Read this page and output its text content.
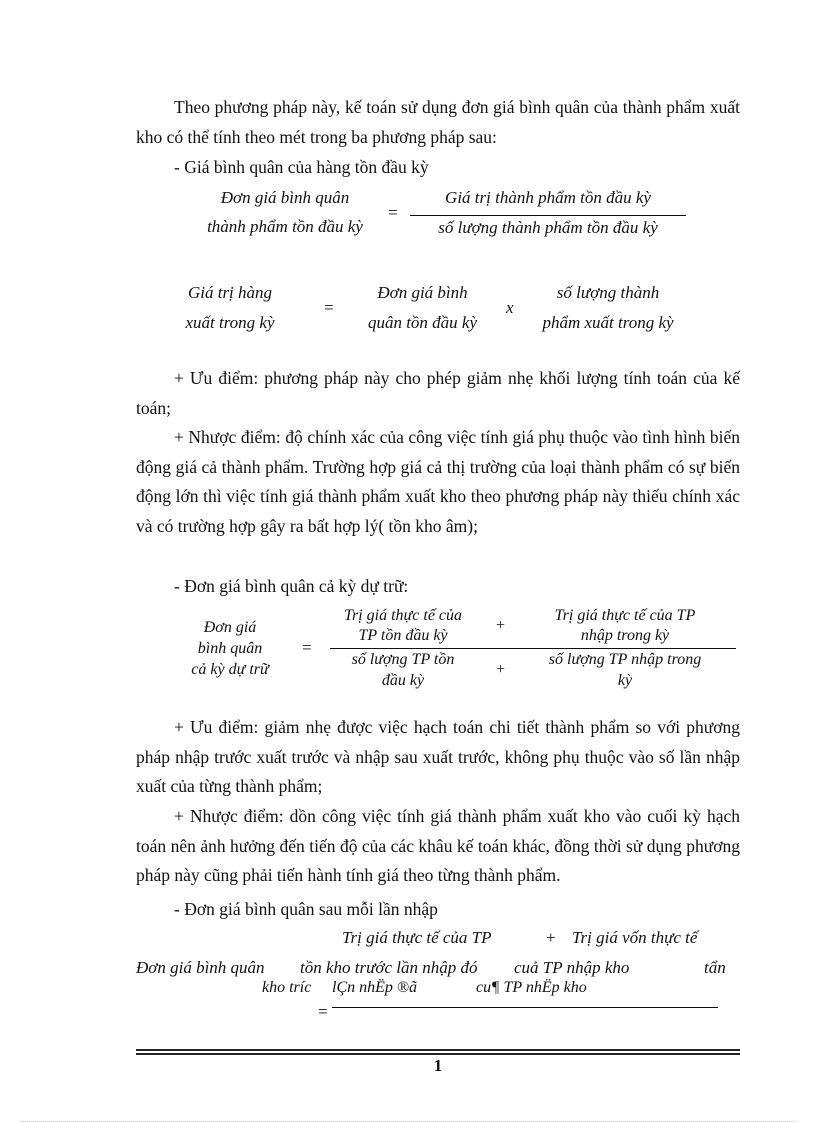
Theo phương pháp này, kế toán sử dụng đơn giá bình quân của thành phẩm xuất kho có thể tính theo mét trong ba phương pháp sau:
- Giá bình quân của hàng tồn đầu kỳ
Đơn giá bình quân
thành phẩm tồn đầu kỳ
=
Giá trị thành phẩm tồn đầu kỳ
số lượng thành phẩm tồn đầu kỳ
Giá trị hàng
xuất trong kỳ
=
Đơn giá bình
quân tồn đầu kỳ
x
số lượng thành
phẩm xuất trong kỳ
+ Ưu điểm: phương pháp này cho phép giảm nhẹ khối lượng tính toán của kế toán;
+ Nhược điểm: độ chính xác của công việc tính giá phụ thuộc vào tình hình biến động giá cả thành phẩm. Trường hợp giá cả thị trường của loại thành phẩm có sự biến động lớn thì việc tính giá thành phẩm xuất kho theo phương pháp này thiếu chính xác và có trường hợp gây ra bất hợp lý( tồn kho âm);
- Đơn giá bình quân cả kỳ dự trữ:
Đơn giá
bình quân
cả kỳ dự trữ
=
Trị giá thực tế của
TP tồn đầu kỳ
+
Trị giá thực tế của TP
nhập trong kỳ
số lượng TP tồn
đầu kỳ
+
số lượng TP nhập trong
kỳ
+ Ưu điểm: giảm nhẹ được việc hạch toán chi tiết thành phẩm so với phương pháp nhập trước xuất trước và nhập sau xuất trước, không phụ thuộc vào số lần nhập xuất của từng thành phẩm;
+ Nhược điểm: dồn công việc tính giá thành phẩm xuất kho vào cuối kỳ hạch toán nên ảnh hưởng đến tiến độ của các khâu kế toán khác, đồng thời sử dụng phương pháp này cũng phải tiến hành tính giá theo từng thành phẩm.
- Đơn giá bình quân sau mỗi lần nhập
Trị giá thực tế của TP	+ Trị giá vốn thực tế
Đơn giá bình quân tồn kho trước lần nhập đó cuả TP nhập kho	tẩn
kho tríc lÇn nhËp ®ã	cu¶ TP nhËp kho
=
1
